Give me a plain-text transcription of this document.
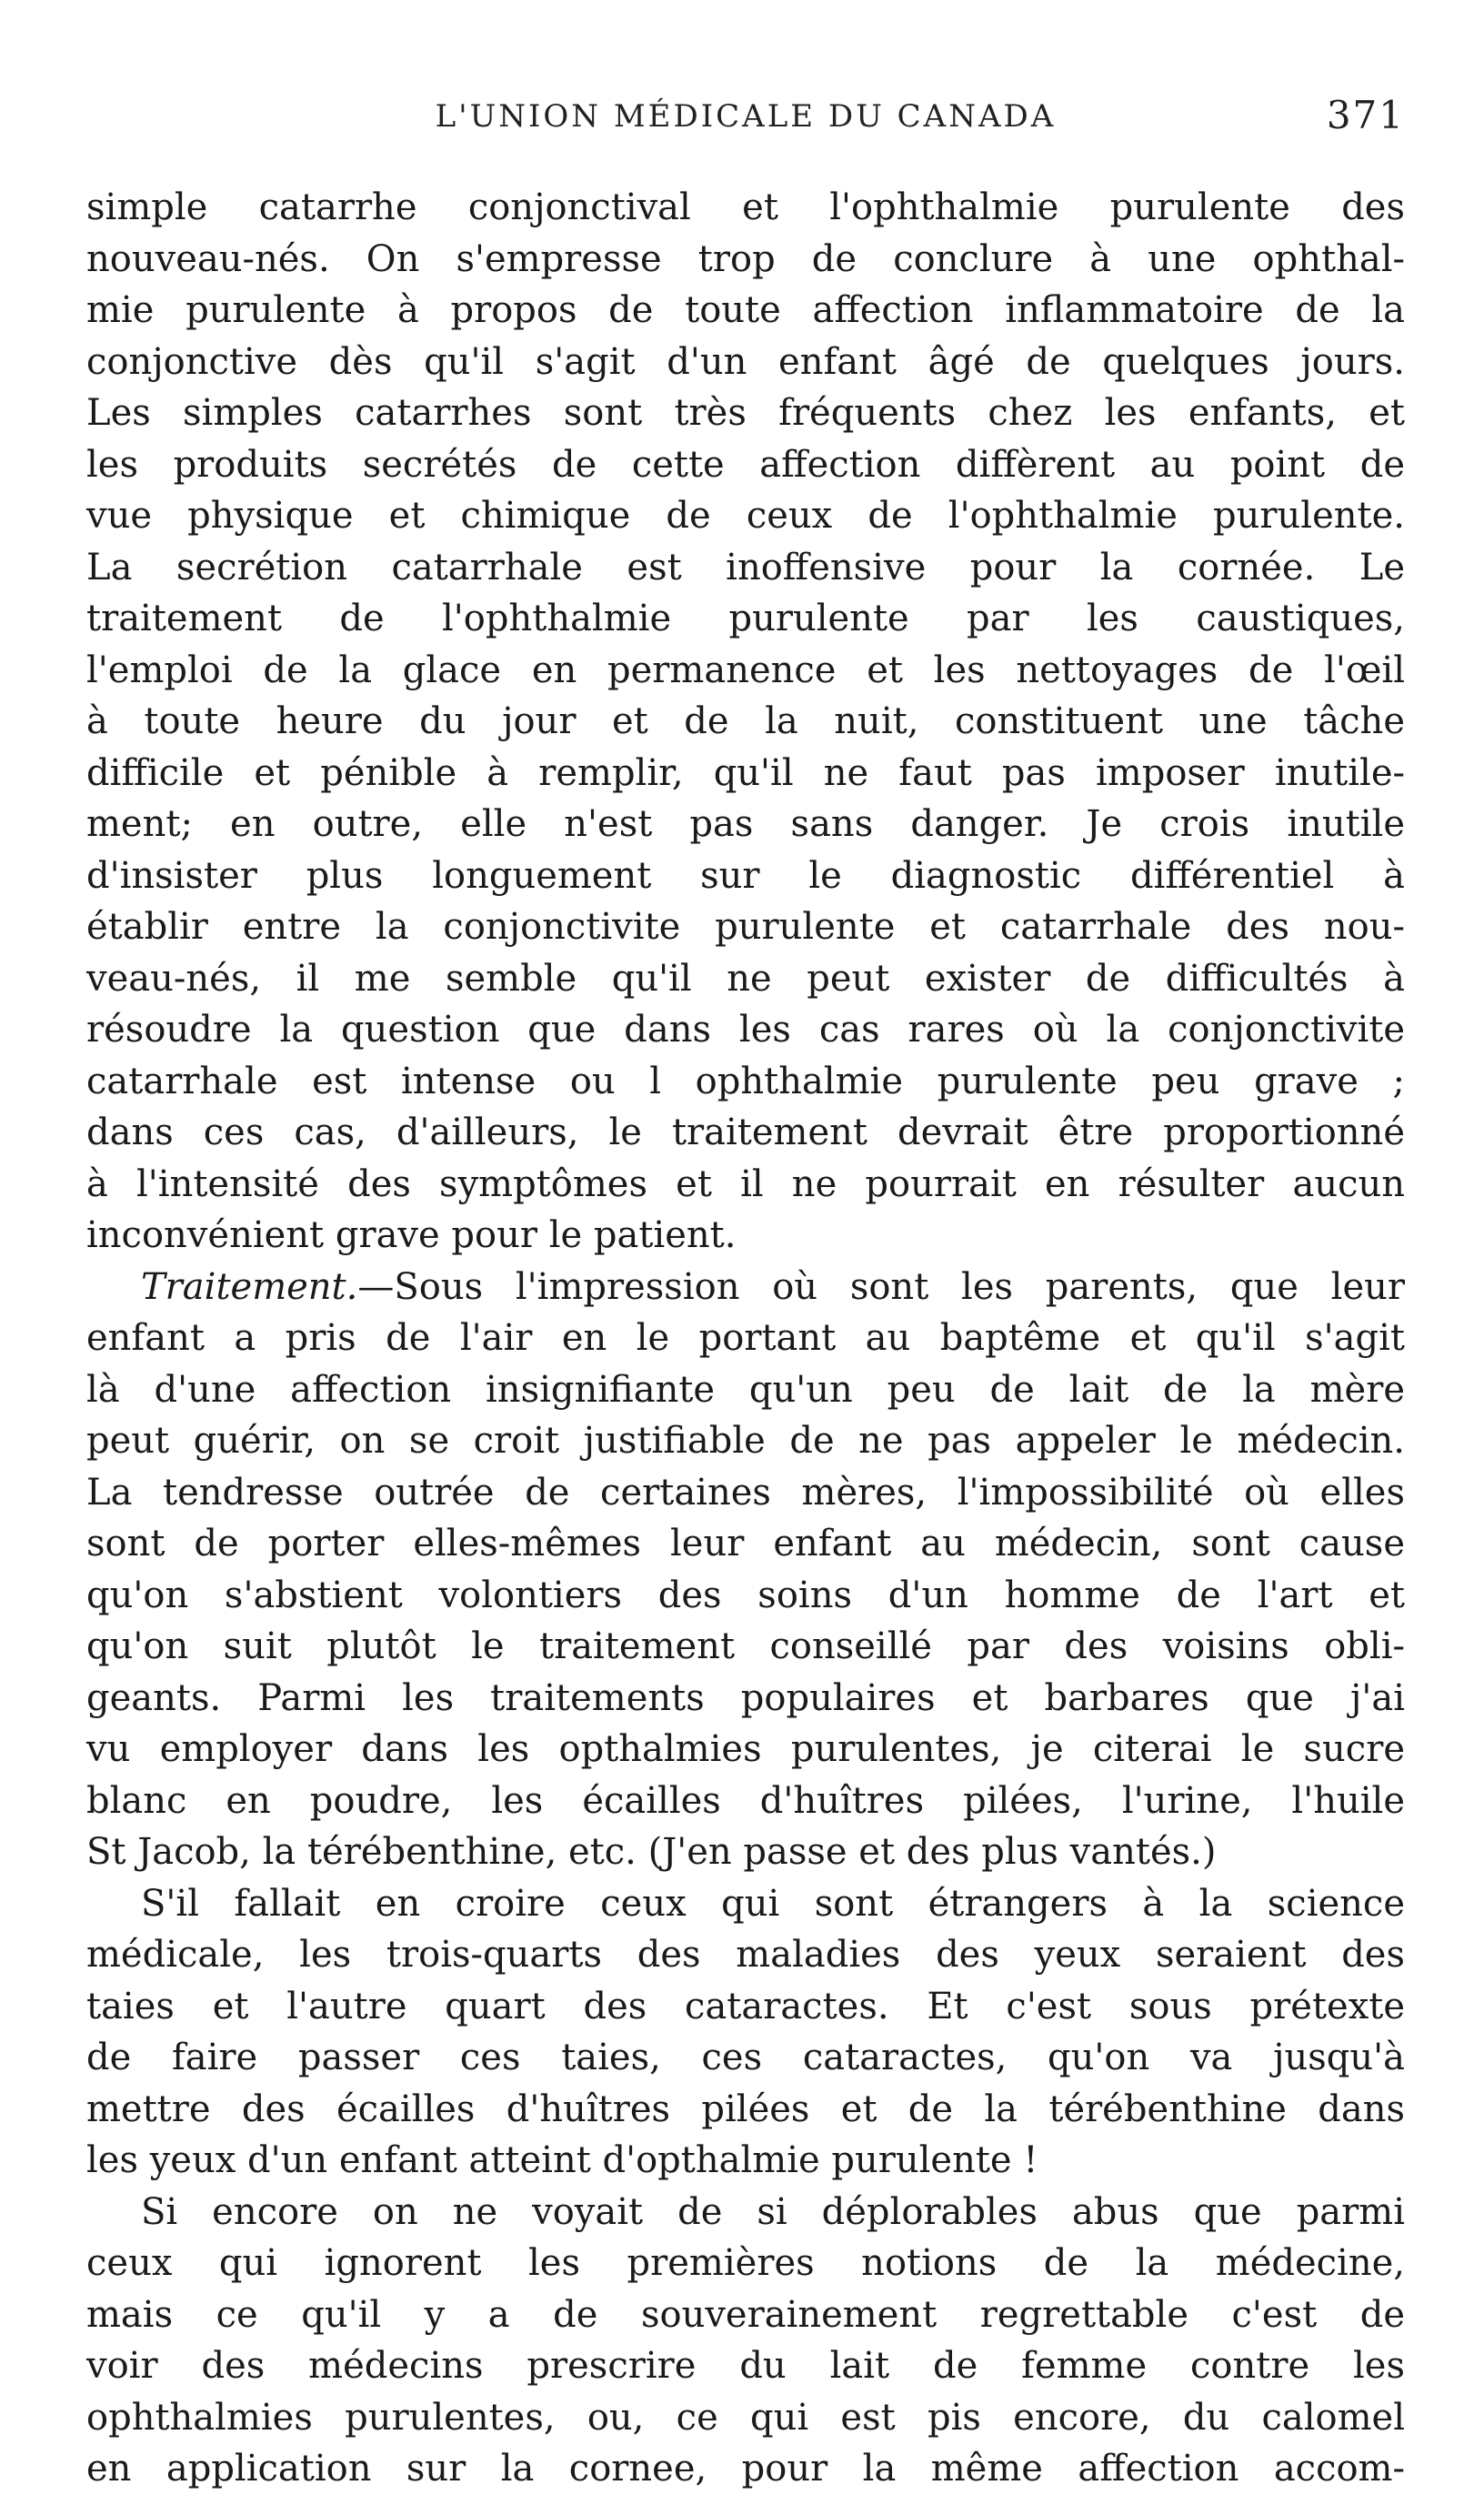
L'UNION MÉDICALE DU CANADA	371
simple catarrhe conjonctival et l'ophthalmie purulente des
nouveau-nés. On s'empresse trop de conclure à une ophthal-
mie purulente à propos de toute affection inflammatoire de la
conjonctive dès qu'il s'agit d'un enfant âgé de quelques jours.
Les simples catarrhes sont très fréquents chez les enfants, et
les produits secrétés de cette affection diffèrent au point de
vue physique et chimique de ceux de l'ophthalmie purulente.
La secrétion catarrhale est inoffensive pour la cornée. Le
traitement de l'ophthalmie purulente par les caustiques,
l'emploi de la glace en permanence et les nettoyages de l'œil
à toute heure du jour et de la nuit, constituent une tâche
difficile et pénible à remplir, qu'il ne faut pas imposer inutile-
ment; en outre, elle n'est pas sans danger. Je crois inutile
d'insister plus longuement sur le diagnostic différentiel à
établir entre la conjonctivite purulente et catarrhale des nou-
veau-nés, il me semble qu'il ne peut exister de difficultés à
résoudre la question que dans les cas rares où la conjonctivite
catarrhale est intense ou l ophthalmie purulente peu grave ;
dans ces cas, d'ailleurs, le traitement devrait être proportionné
à l'intensité des symptômes et il ne pourrait en résulter aucun
inconvénient grave pour le patient.
Traitement.—Sous l'impression où sont les parents, que leur
enfant a pris de l'air en le portant au baptême et qu'il s'agit
là d'une affection insignifiante qu'un peu de lait de la mère
peut guérir, on se croit justifiable de ne pas appeler le médecin.
La tendresse outrée de certaines mères, l'impossibilité où elles
sont de porter elles-mêmes leur enfant au médecin, sont cause
qu'on s'abstient volontiers des soins d'un homme de l'art et
qu'on suit plutôt le traitement conseillé par des voisins obli-
geants. Parmi les traitements populaires et barbares que j'ai
vu employer dans les opthalmies purulentes, je citerai le sucre
blanc en poudre, les écailles d'huîtres pilées, l'urine, l'huile
St Jacob, la térébenthine, etc. (J'en passe et des plus vantés.)
S'il fallait en croire ceux qui sont étrangers à la science
médicale, les trois-quarts des maladies des yeux seraient des
taies et l'autre quart des cataractes. Et c'est sous prétexte
de faire passer ces taies, ces cataractes, qu'on va jusqu'à
mettre des écailles d'huîtres pilées et de la térébenthine dans
les yeux d'un enfant atteint d'opthalmie purulente !
Si encore on ne voyait de si déplorables abus que parmi
ceux qui ignorent les premières notions de la médecine,
mais ce qu'il y a de souverainement regrettable c'est de
voir des médecins prescrire du lait de femme contre les
ophthalmies purulentes, ou, ce qui est pis encore, du calomel
en application sur la cornee, pour la même affection accom-
